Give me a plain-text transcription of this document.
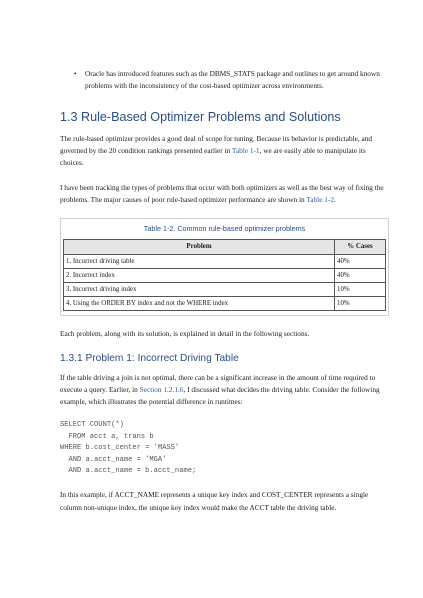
• Oracle has introduced features such as the DBMS_STATS package and outlines to get around known problems with the inconsistency of the cost-based optimizer across environments.
1.3 Rule-Based Optimizer Problems and Solutions

The rule-based optimizer provides a good deal of scope for tuning. Because its behavior is predictable, and governed by the 20 condition rankings presented earlier in Table 1-1, we are easily able to manipulate its choices.

I have been tracking the types of problems that occur with both optimizers as well as the best way of fixing the problems. The major causes of poor rule-based optimizer performance are shown in Table 1-2.

Table 1-2. Common rule-based optimizer problems
Problem	% Cases
1. Incorrect driving table	40%
2. Incorrect index	40%
3. Incorrect driving index	10%
4. Using the ORDER BY index and not the WHERE index	10%

Each problem, along with its solution, is explained in detail in the following sections.

1.3.1 Problem 1: Incorrect Driving Table

If the table driving a join is not optimal, there can be a significant increase in the amount of time required to execute a query. Earlier, in Section 1.2.1.6, I discussed what decides the driving table. Consider the following example, which illustrates the potential difference in runtimes:

SELECT COUNT(*)
FROM acct a, trans b
WHERE b.cost_center = 'MASS'
AND a.acct_name = 'MGA'
AND a.acct_name = b.acct_name;

In this example, if ACCT_NAME represents a unique key index and COST_CENTER represents a single column non-unique index, the unique key index would make the ACCT table the driving table.
